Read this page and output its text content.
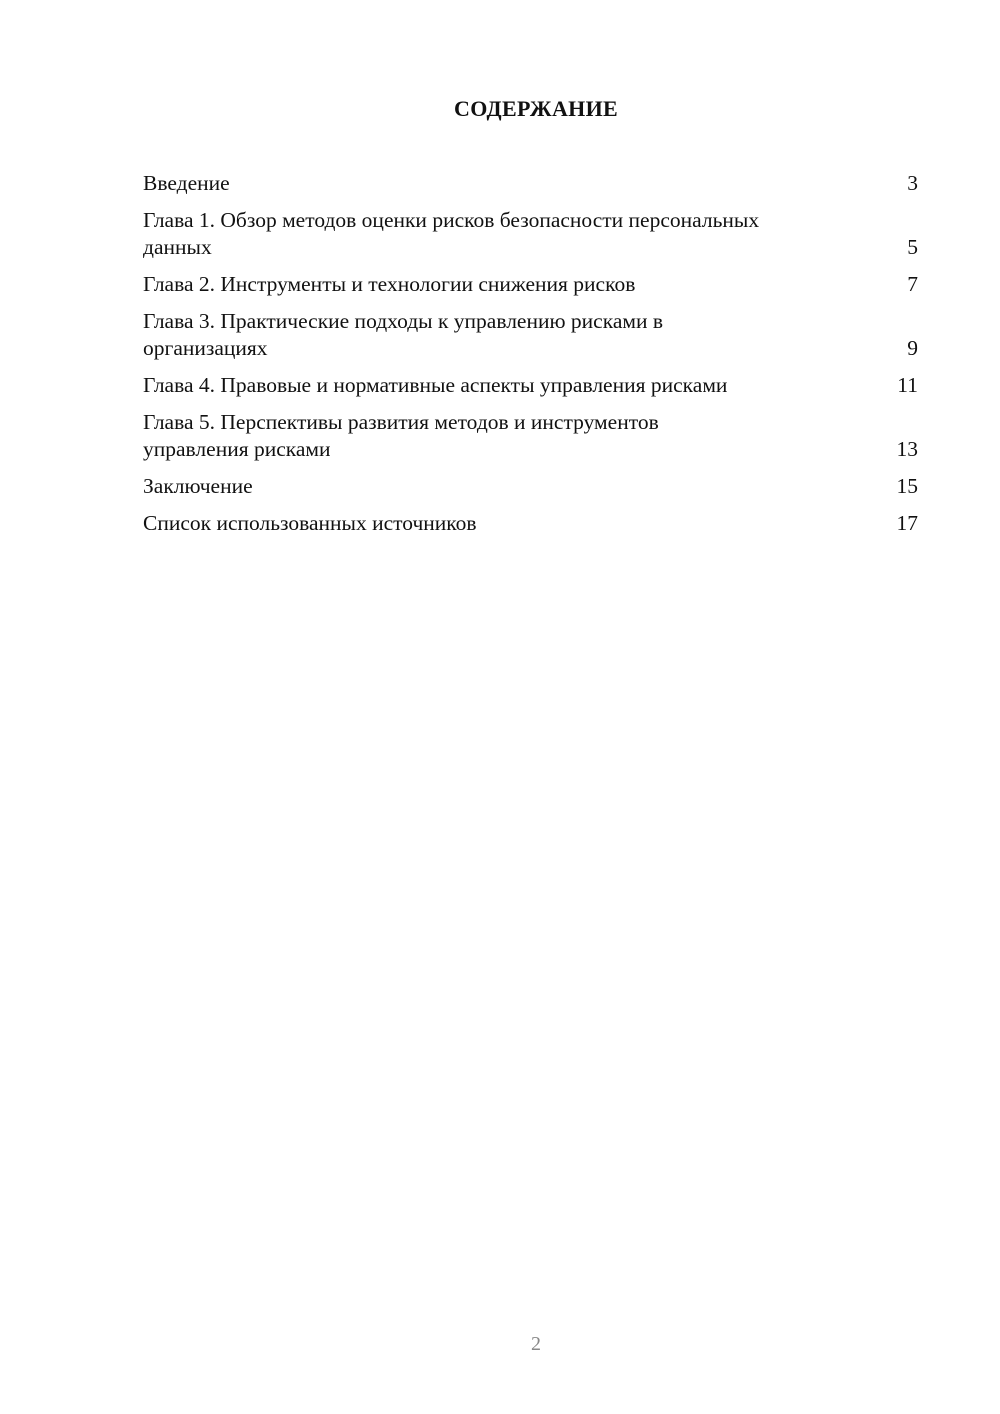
СОДЕРЖАНИЕ
Введение	3
Глава 1. Обзор методов оценки рисков безопасности персональных данных	5
Глава 2. Инструменты и технологии снижения рисков	7
Глава 3. Практические подходы к управлению рисками в организациях	9
Глава 4. Правовые и нормативные аспекты управления рисками	11
Глава 5. Перспективы развития методов и инструментов управления рисками	13
Заключение	15
Список использованных источников	17
2
